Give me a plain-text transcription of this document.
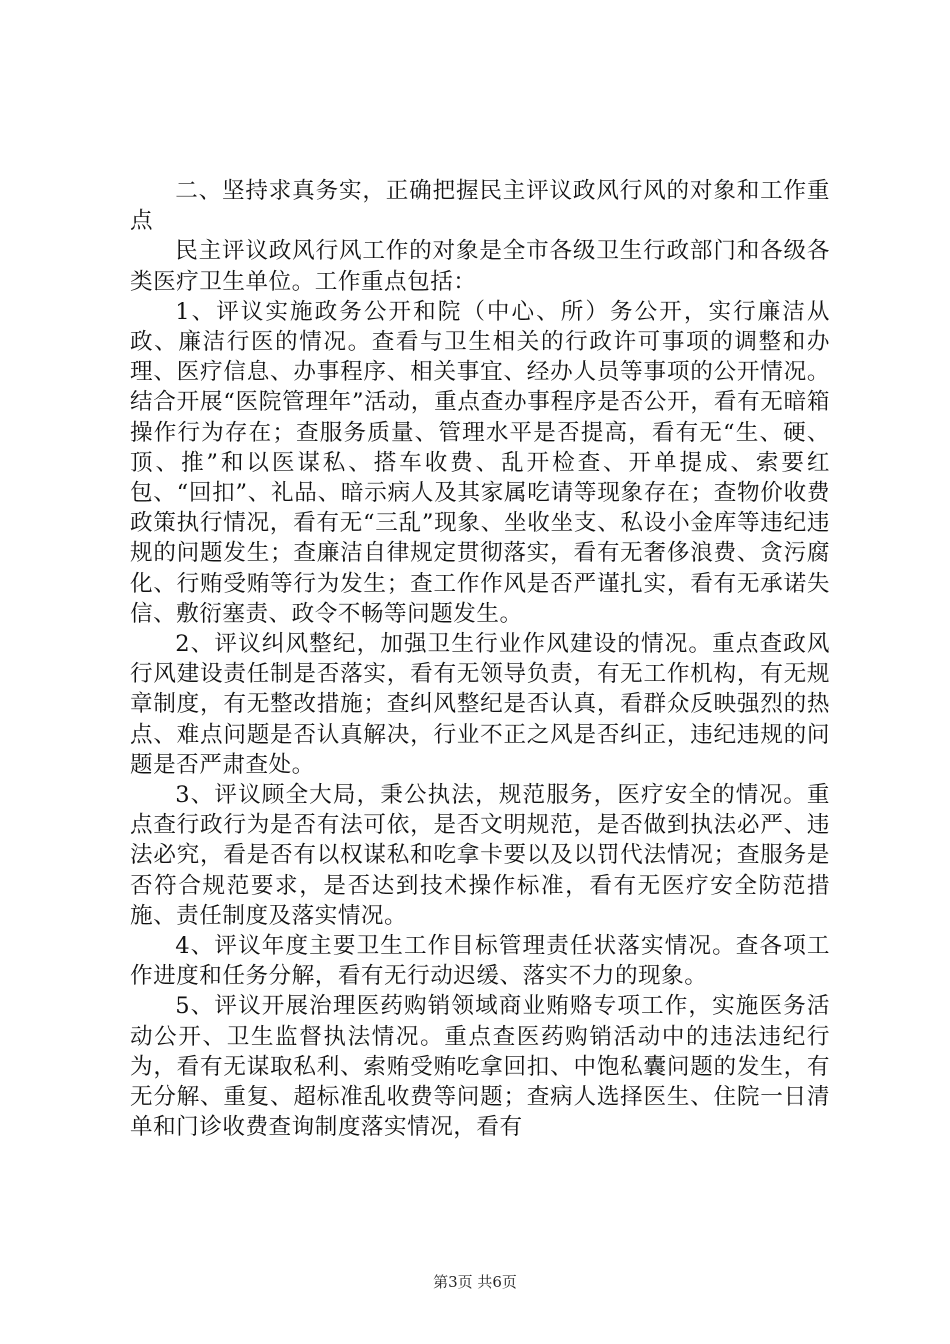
二、坚持求真务实，正确把握民主评议政风行风的对象和工作重点

民主评议政风行风工作的对象是全市各级卫生行政部门和各级各类医疗卫生单位。工作重点包括：

1、评议实施政务公开和院（中心、所）务公开，实行廉洁从政、廉洁行医的情况。查看与卫生相关的行政许可事项的调整和办理、医疗信息、办事程序、相关事宜、经办人员等事项的公开情况。结合开展“医院管理年”活动，重点查办事程序是否公开，看有无暗箱操作行为存在；查服务质量、管理水平是否提高，看有无“生、硬、顶、推”和以医谋私、搭车收费、乱开检查、开单提成、索要红包、“回扣”、礼品、暗示病人及其家属吃请等现象存在；查物价收费政策执行情况，看有无“三乱”现象、坐收坐支、私设小金库等违纪违规的问题发生；查廉洁自律规定贯彻落实，看有无奢侈浪费、贪污腐化、行贿受贿等行为发生；查工作作风是否严谨扎实，看有无承诺失信、敷衍塞责、政令不畅等问题发生。

2、评议纠风整纪，加强卫生行业作风建设的情况。重点查政风行风建设责任制是否落实，看有无领导负责，有无工作机构，有无规章制度，有无整改措施；查纠风整纪是否认真，看群众反映强烈的热点、难点问题是否认真解决，行业不正之风是否纠正，违纪违规的问题是否严肃查处。

3、评议顾全大局，秉公执法，规范服务，医疗安全的情况。重点查行政行为是否有法可依，是否文明规范，是否做到执法必严、违法必究，看是否有以权谋私和吃拿卡要以及以罚代法情况；查服务是否符合规范要求，是否达到技术操作标准，看有无医疗安全防范措施、责任制度及落实情况。

4、评议年度主要卫生工作目标管理责任状落实情况。查各项工作进度和任务分解，看有无行动迟缓、落实不力的现象。

5、评议开展治理医药购销领域商业贿赂专项工作，实施医务活动公开、卫生监督执法情况。重点查医药购销活动中的违法违纪行为，看有无谋取私利、索贿受贿吃拿回扣、中饱私囊问题的发生，有无分解、重复、超标准乱收费等问题；查病人选择医生、住院一日清单和门诊收费查询制度落实情况，看有

第3页 共6页
